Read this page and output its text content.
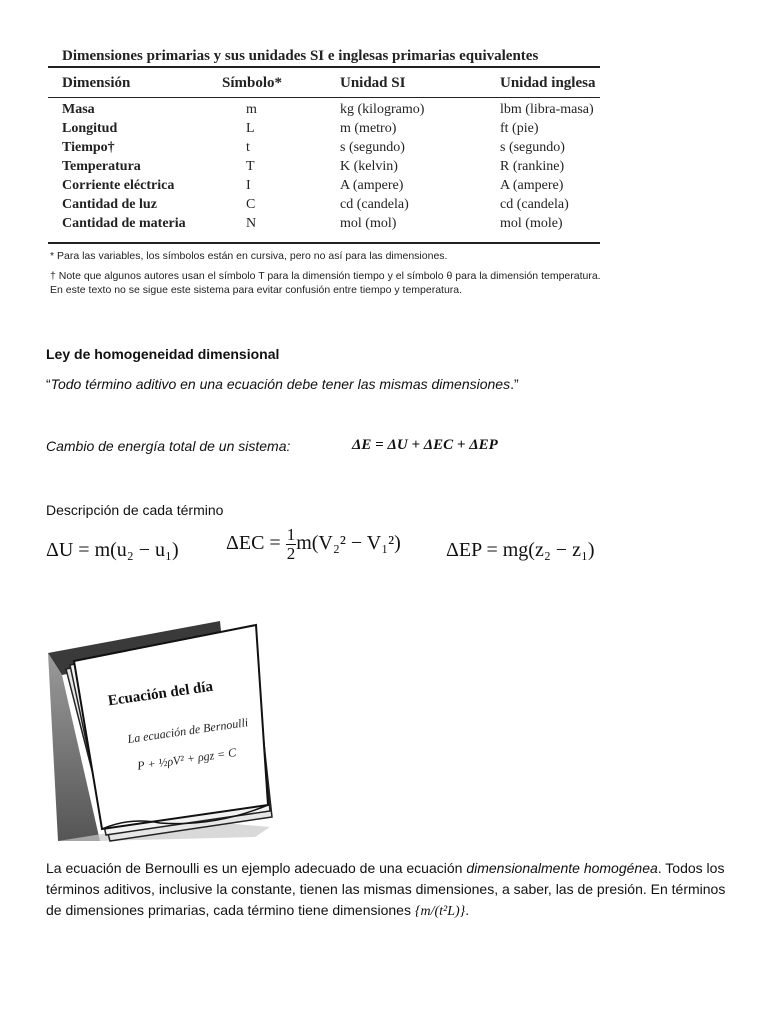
Dimensiones primarias y sus unidades SI e inglesas primarias equivalentes
Dimensión	Símbolo*	Unidad SI	Unidad inglesa
Masa	m	kg (kilogramo)	lbm (libra-masa)
Longitud	L	m (metro)	ft (pie)
Tiempo†	t	s (segundo)	s (segundo)
Temperatura	T	K (kelvin)	R (rankine)
Corriente eléctrica	I	A (ampere)	A (ampere)
Cantidad de luz	C	cd (candela)	cd (candela)
Cantidad de materia	N	mol (mol)	mol (mole)
* Para las variables, los símbolos están en cursiva, pero no así para las dimensiones.
† Note que algunos autores usan el símbolo T para la dimensión tiempo y el símbolo θ para la dimensión temperatura. En este texto no se sigue este sistema para evitar confusión entre tiempo y temperatura.
Ley de homogeneidad dimensional
“Todo término aditivo en una ecuación debe tener las mismas dimensiones.”
Cambio de energía total de un sistema:	ΔE = ΔU + ΔEC + ΔEP
Descripción de cada término
ΔU = m(u₂ − u₁) $\Delta EC = \frac{1}{2} m(V_2^2 - V_1^2) \Delta EP = mg(z_2 - z_1)$
Ecuación del día
La ecuación de Bernoulli
P + ½ρV² + ρgz = C
La ecuación de Bernoulli es un ejemplo adecuado de una ecuación dimensionalmente homogénea. Todos los términos aditivos, inclusive la constante, tienen las mismas dimensiones, a saber, las de presión. En términos de dimensiones primarias, cada término tiene dimensiones {m/(t²L)}.
